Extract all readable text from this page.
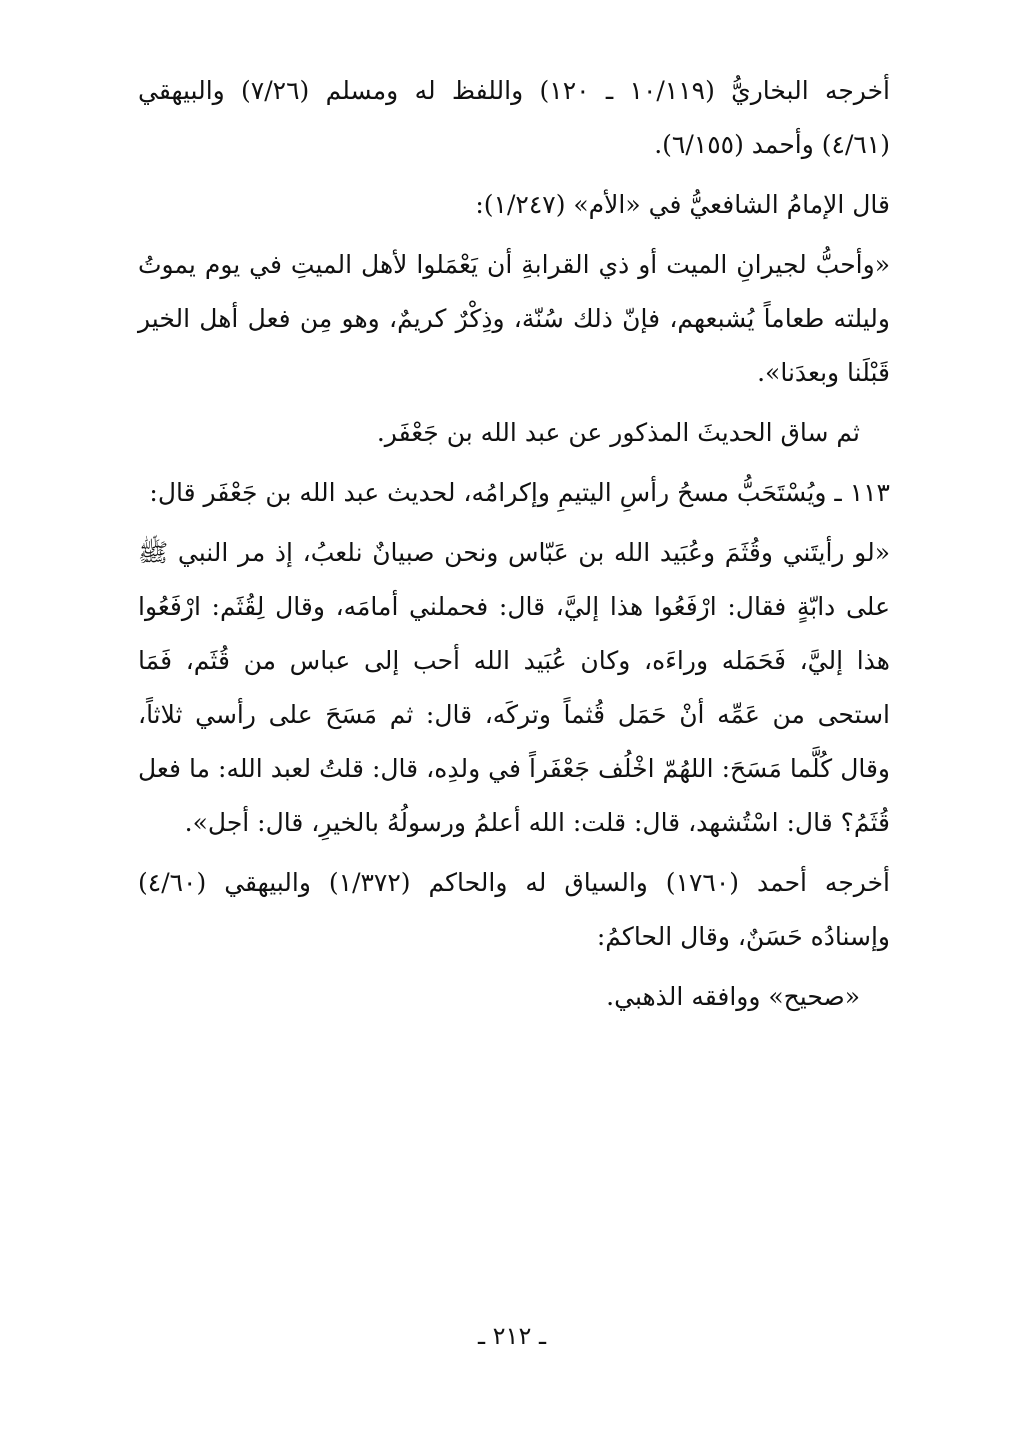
أخرجه البخاريُّ (١٠/١١٩ ـ ١٢٠) واللفظ له ومسلم (٧/٢٦) والبيهقي (٤/٦١) وأحمد (٦/١٥٥).

قال الإمامُ الشافعيُّ في «الأم» (١/٢٤٧):

«وأحبُّ لجيرانِ الميت أو ذي القرابةِ أن يَعْمَلوا لأهل الميتِ في يوم يموتُ وليلته طعاماً يُشبعهم، فإنّ ذلك سُنّة، وذِكْرٌ كريمٌ، وهو مِن فعل أهل الخير قَبْلَنا وبعدَنا».

ثم ساق الحديثَ المذكور عن عبد الله بن جَعْفَر.

١١٣ ـ ويُسْتَحَبُّ مسحُ رأسِ اليتيمِ وإكرامُه، لحديث عبد الله بن جَعْفَر قال:

«لو رأيتَني وقُثَمَ وعُبَيد الله بن عَبّاس ونحن صبيانٌ نلعبُ، إذ مر النبي ﷺ على دابّةٍ فقال: ارْفَعُوا هذا إليَّ، قال: فحملني أمامَه، وقال لِقُثَم: ارْفَعُوا هذا إليَّ، فَحَمَله وراءَه، وكان عُبَيد الله أحب إلى عباس من قُثَم، فَمَا استحى من عَمِّه أنْ حَمَل قُثماً وتركَه، قال: ثم مَسَحَ على رأسي ثلاثاً، وقال كُلَّما مَسَحَ: اللهُمّ اخْلُف جَعْفَراً في ولدِه، قال: قلتُ لعبد الله: ما فعل قُثَمُ؟ قال: اسْتُشهد، قال: قلت: الله أعلمُ ورسولُهُ بالخيرِ، قال: أجل».

أخرجه أحمد (١٧٦٠) والسياق له والحاكم (١/٣٧٢) والبيهقي (٤/٦٠) وإسنادُه حَسَنٌ، وقال الحاكمُ:

«صحيح» ووافقه الذهبي.

ـ ٢١٢ ـ
